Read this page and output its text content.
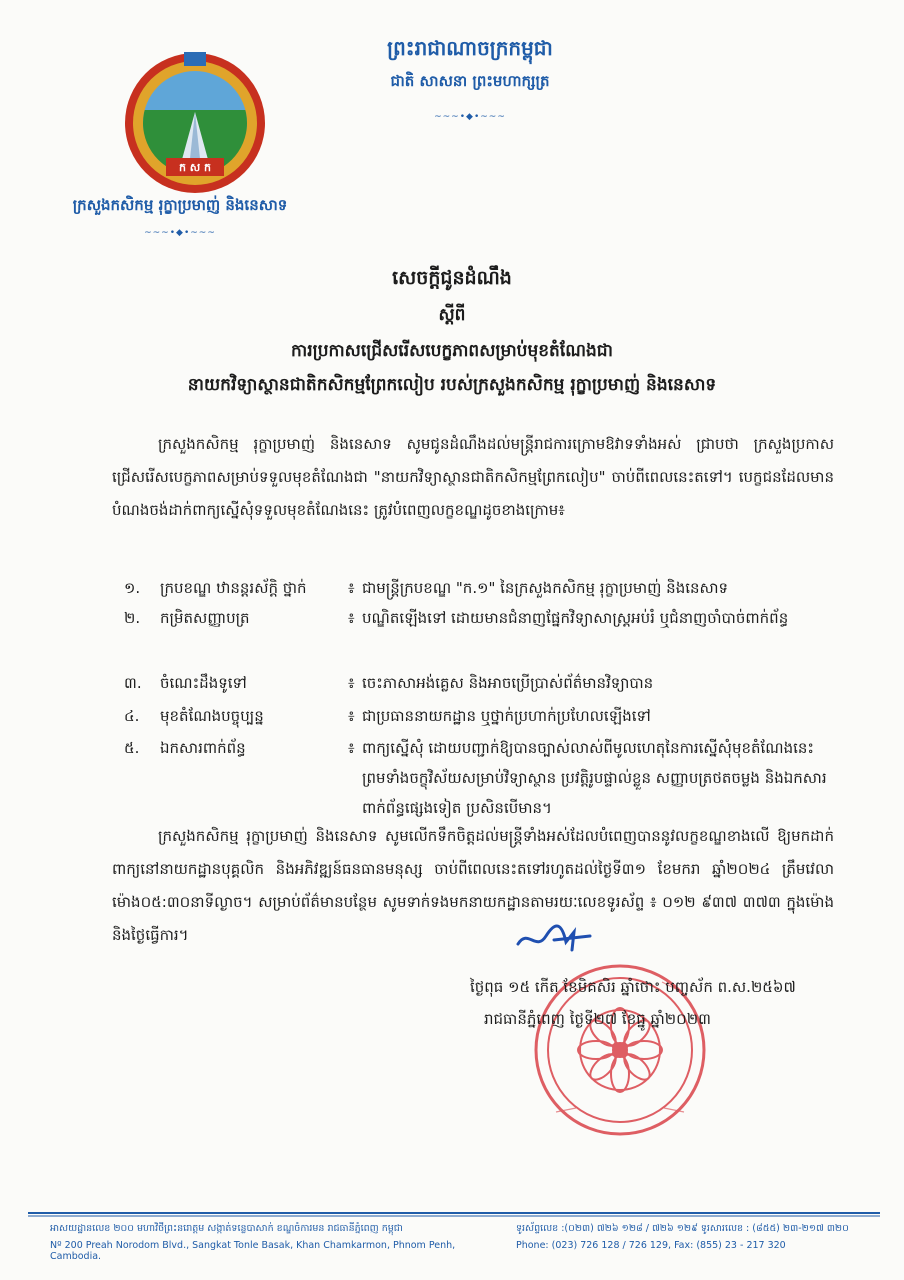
ព្រះរាជាណាចក្រកម្ពុជា
ជាតិ សាសនា ព្រះមហាក្សត្រ
~~~•◆•~~~
ក ស ក
ក្រសួងកសិកម្ម រុក្ខាប្រមាញ់ និងនេសាទ
~~~•◆•~~~
សេចក្ដីជូនដំណឹង
ស្ដីពី
ការប្រកាសជ្រើសរើសបេក្ខភាពសម្រាប់មុខតំណែងជា
នាយកវិទ្យាស្ថានជាតិកសិកម្មព្រែកលៀប របស់ក្រសួងកសិកម្ម រុក្ខាប្រមាញ់ និងនេសាទ
ក្រសួងកសិកម្ម រុក្ខាប្រមាញ់ និងនេសាទ សូមជូនដំណឹងដល់មន្ត្រីរាជការក្រោមឱវាទទាំងអស់ ជ្រាបថា ក្រសួងប្រកាសជ្រើសរើសបេក្ខភាពសម្រាប់ទទួលមុខតំណែងជា "នាយកវិទ្យាស្ថានជាតិកសិកម្មព្រែកលៀប" ចាប់ពីពេលនេះតទៅ។ បេក្ខជនដែលមានបំណងចង់ដាក់ពាក្យស្នើសុំទទួលមុខតំណែងនេះ ត្រូវបំពេញលក្ខខណ្ឌដូចខាងក្រោម៖
១.	ក្របខណ្ឌ ឋានន្តរស័ក្តិ ថ្នាក់	៖ ជាមន្ត្រីក្របខណ្ឌ "ក.១" នៃក្រសួងកសិកម្ម រុក្ខាប្រមាញ់ និងនេសាទ
២.	កម្រិតសញ្ញាបត្រ	៖ បណ្ឌិតឡើងទៅ ដោយមានជំនាញផ្នែកវិទ្យាសាស្ត្រអប់រំ ឬជំនាញចាំបាច់ពាក់ព័ន្ធ
៣.	ចំណេះដឹងទូទៅ	៖ ចេះភាសាអង់គ្លេស និងអាចប្រើប្រាស់ព័ត៌មានវិទ្យាបាន
៤.	មុខតំណែងបច្ចុប្បន្ន	៖ ជាប្រធាននាយកដ្ឋាន ឬថ្នាក់ប្រហាក់ប្រហែលឡើងទៅ
៥.	ឯកសារពាក់ព័ន្ធ	៖ ពាក្យស្នើសុំ ដោយបញ្ជាក់ឱ្យបានច្បាស់លាស់ពីមូលហេតុនៃការស្នើសុំមុខតំណែងនេះ ព្រមទាំងចក្ខុវិស័យសម្រាប់វិទ្យាស្ថាន ប្រវត្តិរូបផ្ទាល់ខ្លួន សញ្ញាបត្រថតចម្លង និងឯកសារពាក់ព័ន្ធផ្សេងទៀត ប្រសិនបើមាន។
ក្រសួងកសិកម្ម រុក្ខាប្រមាញ់ និងនេសាទ សូមលើកទឹកចិត្តដល់មន្ត្រីទាំងអស់ដែលបំពេញបាននូវលក្ខខណ្ឌខាងលើ ឱ្យមកដាក់ពាក្យនៅនាយកដ្ឋានបុគ្គលិក និងអភិវឌ្ឍន៍ធនធានមនុស្ស ចាប់ពីពេលនេះតទៅរហូតដល់ថ្ងៃទី៣១ ខែមករា ឆ្នាំ២០២៤ ត្រឹមវេលាម៉ោង០៥:៣០នាទីល្ងាច។ សម្រាប់ព័ត៌មានបន្ថែម សូមទាក់ទងមកនាយកដ្ឋានតាមរយៈលេខទូរស័ព្ទ ៖ ០១២ ៩៣៧ ៣៧៣ ក្នុងម៉ោង និងថ្ងៃធ្វើការ។
ថ្ងៃពុធ ១៥ កើត ខែមិគសិរ ឆ្នាំថោះ បញ្ចស័ក ព.ស.២៥៦៧
រាជធានីភ្នំពេញ ថ្ងៃទី២៧ ខែធ្នូ ឆ្នាំ២០២៣
អាសយដ្ឋានលេខ ២០០ មហាវិថីព្រះនរោត្តម សង្កាត់ទន្លេបាសាក់ ខណ្ឌចំការមន រាជធានីភ្នំពេញ កម្ពុជា
Nº 200 Preah Norodom Blvd., Sangkat Tonle Basak, Khan Chamkarmon, Phnom Penh, Cambodia.
ទូរស័ព្ទលេខ :(០២៣) ៧២៦ ១២៨ / ៧២៦ ១២៩ ទូរសារលេខ : (៨៥៥) ២៣-២១៧ ៣២០
Phone: (023) 726 128 / 726 129, Fax: (855) 23 - 217 320
